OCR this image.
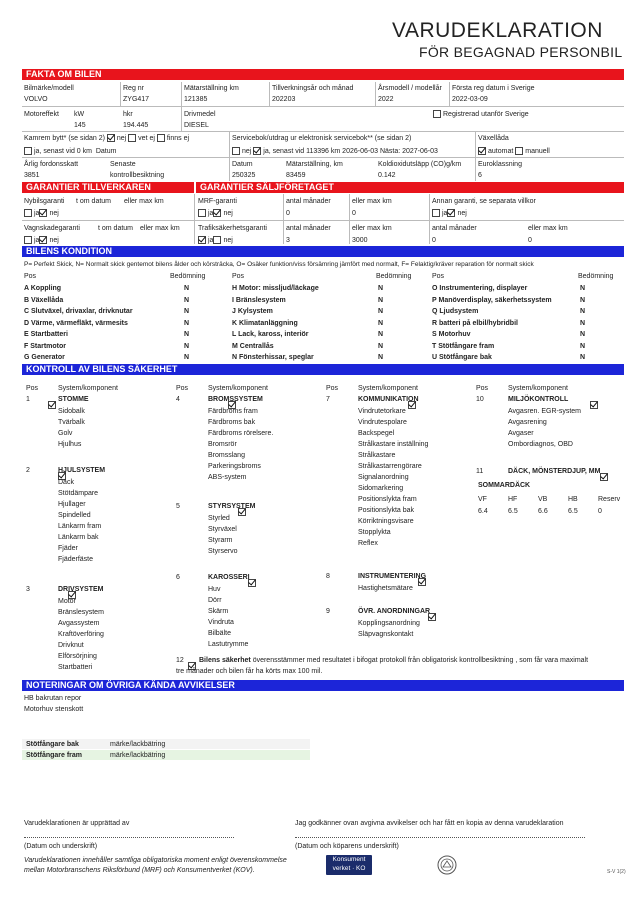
VARUDEKLARATION
FÖR BEGAGNAD PERSONBIL
FAKTA OM BILEN
Bilmärke/modell
VOLVO
Reg nr
ZYG417
Mätarställning km
121385
Tillverkningsår och månad
202203
Årsmodell / modellår
2022
Första reg datum i Sverige
2022-03-09
Motoreffekt kW
145
hkr
194.445
Drivmedel
DIESEL
Registrerad utanför Sverige
Kamrem bytt* (se sidan 2) nej vet ej finns ej
ja, senast vid 0 km Datum
Servicebok/utdrag ur elektronisk servicebok** (se sidan 2)
nej ja, senast vid 113396 km 2026-06-03 Nästa: 2027-06-03
Växellåda
automat manuell
Årlig fordonsskatt
3851
Senaste
kontrollbesiktning
Datum
250325
Mätarställning, km
83459
Koldioxidutsläpp (CO)g/km
0.142
Euroklassning
6
GARANTIER TILLVERKAREN	GARANTIER SÄLJFÖRETAGET
Nybilsgaranti t om datum eller max km
ja nej
Vagnskadegaranti	t om datum eller max km
ja nej
MRF-garanti	antal månader	eller max km
ja nej	0	0
Annan garanti, se separata villkor
ja nej
antal månader	eller max km
0	0
Trafiksäkerhetsgaranti	antal månader	eller max km
ja nej	3	3000
BILENS KONDITION
P= Perfekt Skick, N= Normalt skick gentemot bilens ålder och körsträcka, O= Osäker funktion/viss försämring jämfört med normalt, F= Felaktig/kräver reparation för normalt skick
Pos	Bedömning	Pos	Bedömning	Pos	Bedömning
A Koppling	N
B Växellåda	N
C Slutväxel, drivaxlar, drivknutar	N
D Värme, värmefläkt, värmesits	N
E Startbatteri	N
F Startmotor	N
G Generator	N
H Motor: missljud/läckage	N
I Bränslesystem	N
J Kylsystem	N
K Klimatanläggning	N
L Lack, kaross, interiör	N
M Centrallås	N
N Fönsterhissar, speglar	N
O Instrumentering, displayer	N
P Manöverdisplay, säkerhetssystem	N
Q Ljudsystem	N
R batteri på elbil/hybridbil	N
S Motorhuv	N
T Stötfångare fram	N
U Stötfångare bak	N
KONTROLL AV BILENS SÄKERHET
Pos	System/komponent	Pos	System/komponent	Pos	System/komponent	Pos	System/komponent
SOMMARDÄCK
VF
6.4
HF
6.5
VB
6.6
HB
6.5
Reserv
0
12
Bilens säkerhet överensstämmer med resultatet i bifogat protokoll från obligatorisk kontrollbesiktning , som får vara maximalt
tre månader och bilen får ha körts max 100 mil.
1	STOMME
Sidobalk
Tvärbalk
Golv
Hjulhus
2	HJULSYSTEM
Däck
Stötdämpare
Hjullager
Spindelled
Länkarm fram
Länkarm bak
Fjäder
Fjäderfäste
3	DRIVSYSTEM
Motor
Bränslesystem
Avgassystem
Kraftöverföring
Drivknut
Elförsörjning
Startbatteri
4	BROMSSYSTEM
Färdbroms fram
Färdbroms bak
Färdbroms rörelsere.
Bromsrör
Bromsslang
Parkeringsbroms
ABS-system
5	STYRSYSTEM
Styrled
Styrväxel
Styrarm
Styrservo
6	KAROSSERI
Huv
Dörr
Skärm
Vindruta
Bilbälte
Lastutrymme
7	KOMMUNIKATION
Vindrutetorkare
Vindrutespolare
Backspegel
Strålkastare inställning
Strålkastare
Strålkastarrengörare
Signalanordning
Sidomarkering
Positionslykta fram
Positionslykta bak
Körriktningsvisare
Stopplykta
Reflex
8	INSTRUMENTERING
Hastighetsmätare
9	ÖVR. ANORDNINGAR
Kopplingsanordning
Släpvagnskontakt
10	MILJÖKONTROLL
Avgasren. EGR-system
Avgasrening
Avgaser
Ombordiagnos, OBD
11	DÄCK, MÖNSTERDJUP, MM
NOTERINGAR OM ÖVRIGA KÄNDA AVVIKELSER
HB bakrutan repor
Motorhuv stenskott
Stötfångare bak	märke/lackbätring
Stötfångare fram	märke/lackbätring
Varudeklarationen är upprättad av	Jag godkänner ovan avgivna avvikelser och har fått en kopia av denna varudeklaration
(Datum och underskrift)	(Datum och köparens underskrift)
Varudeklarationen innehåller samtliga obligatoriska moment enligt överenskommelse
mellan Motorbranschens Riksförbund (MRF) och Konsumentverket (KOV).
Konsument
verket · KO	S-V 1(2)
